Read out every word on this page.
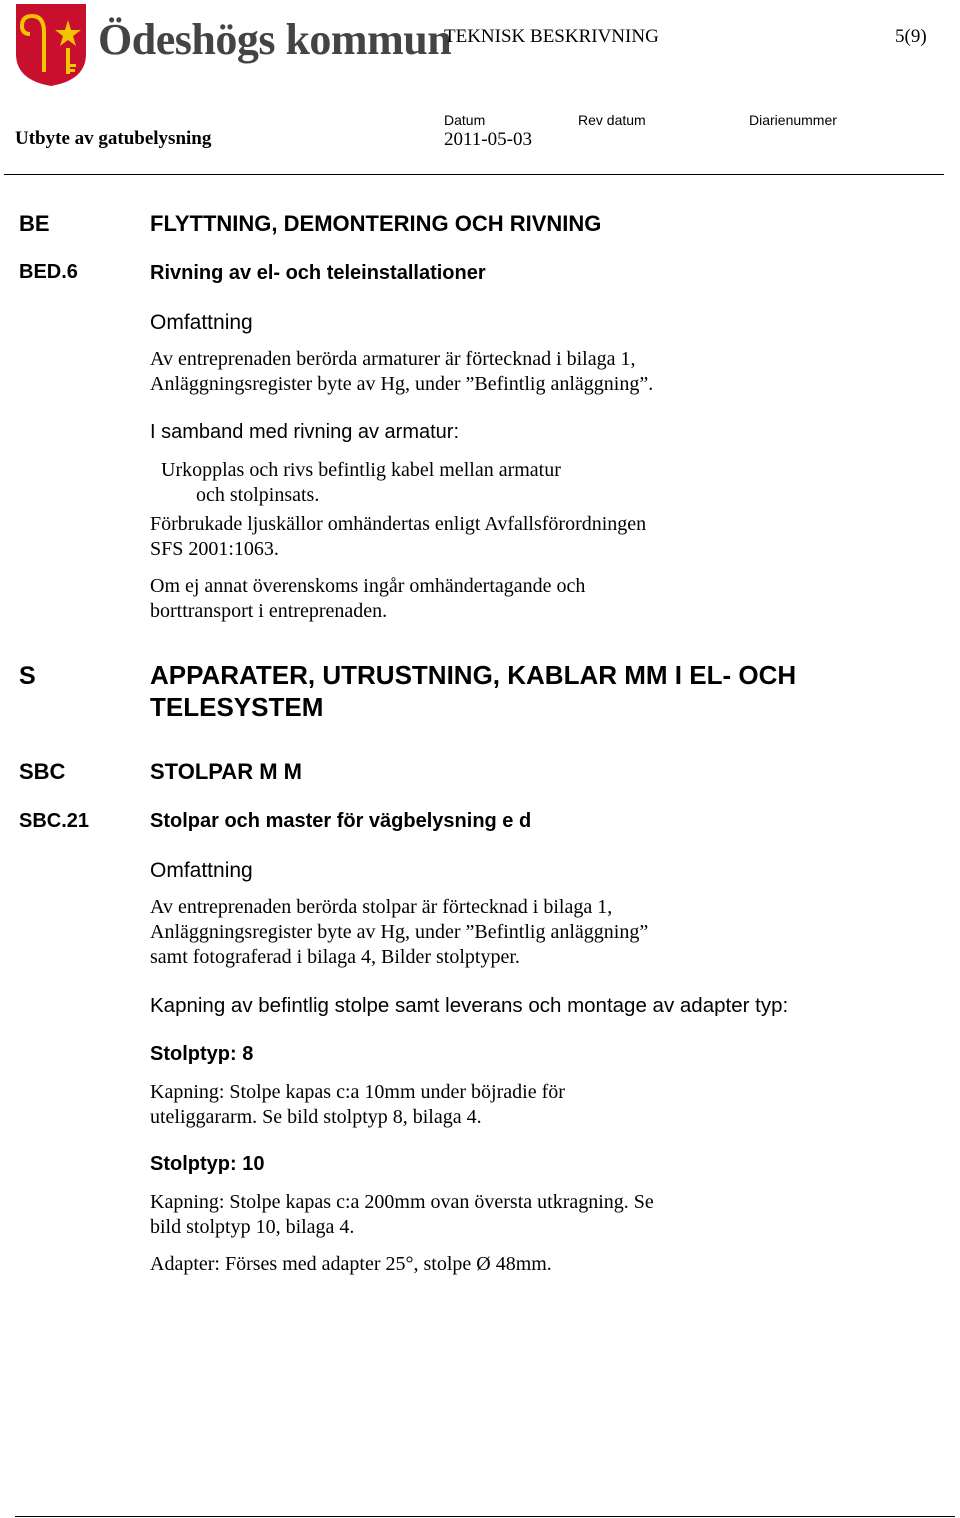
Ödeshögs kommun
TEKNISK BESKRIVNING	5(9)
Utbyte av gatubelysning
Datum
2011-05-03
Rev datum	Diarienummer
BE	FLYTTNING, DEMONTERING OCH RIVNING
BED.6	Rivning av el- och teleinstallationer
Omfattning
Av entreprenaden berörda armaturer är förtecknad i bilaga 1,
Anläggningsregister byte av Hg, under ”Befintlig anläggning”.
I samband med rivning av armatur:
Urkopplas och rivs befintlig kabel mellan armatur
och stolpinsats.
Förbrukade ljuskällor omhändertas enligt Avfallsförordningen
SFS 2001:1063.
Om ej annat överenskoms ingår omhändertagande och
borttransport i entreprenaden.
S	APPARATER, UTRUSTNING, KABLAR MM I EL- OCH
TELESYSTEM
SBC	STOLPAR M M
SBC.21	Stolpar och master för vägbelysning e d
Omfattning
Av entreprenaden berörda stolpar är förtecknad i bilaga 1,
Anläggningsregister byte av Hg, under ”Befintlig anläggning”
samt fotograferad i bilaga 4, Bilder stolptyper.
Kapning av befintlig stolpe samt leverans och montage av adapter typ:
Stolptyp: 8
Kapning: Stolpe kapas c:a 10mm under böjradie för
uteliggararm. Se bild stolptyp 8, bilaga 4.
Stolptyp: 10
Kapning: Stolpe kapas c:a 200mm ovan översta utkragning. Se
bild stolptyp 10, bilaga 4.
Adapter: Förses med adapter 25°, stolpe Ø 48mm.
